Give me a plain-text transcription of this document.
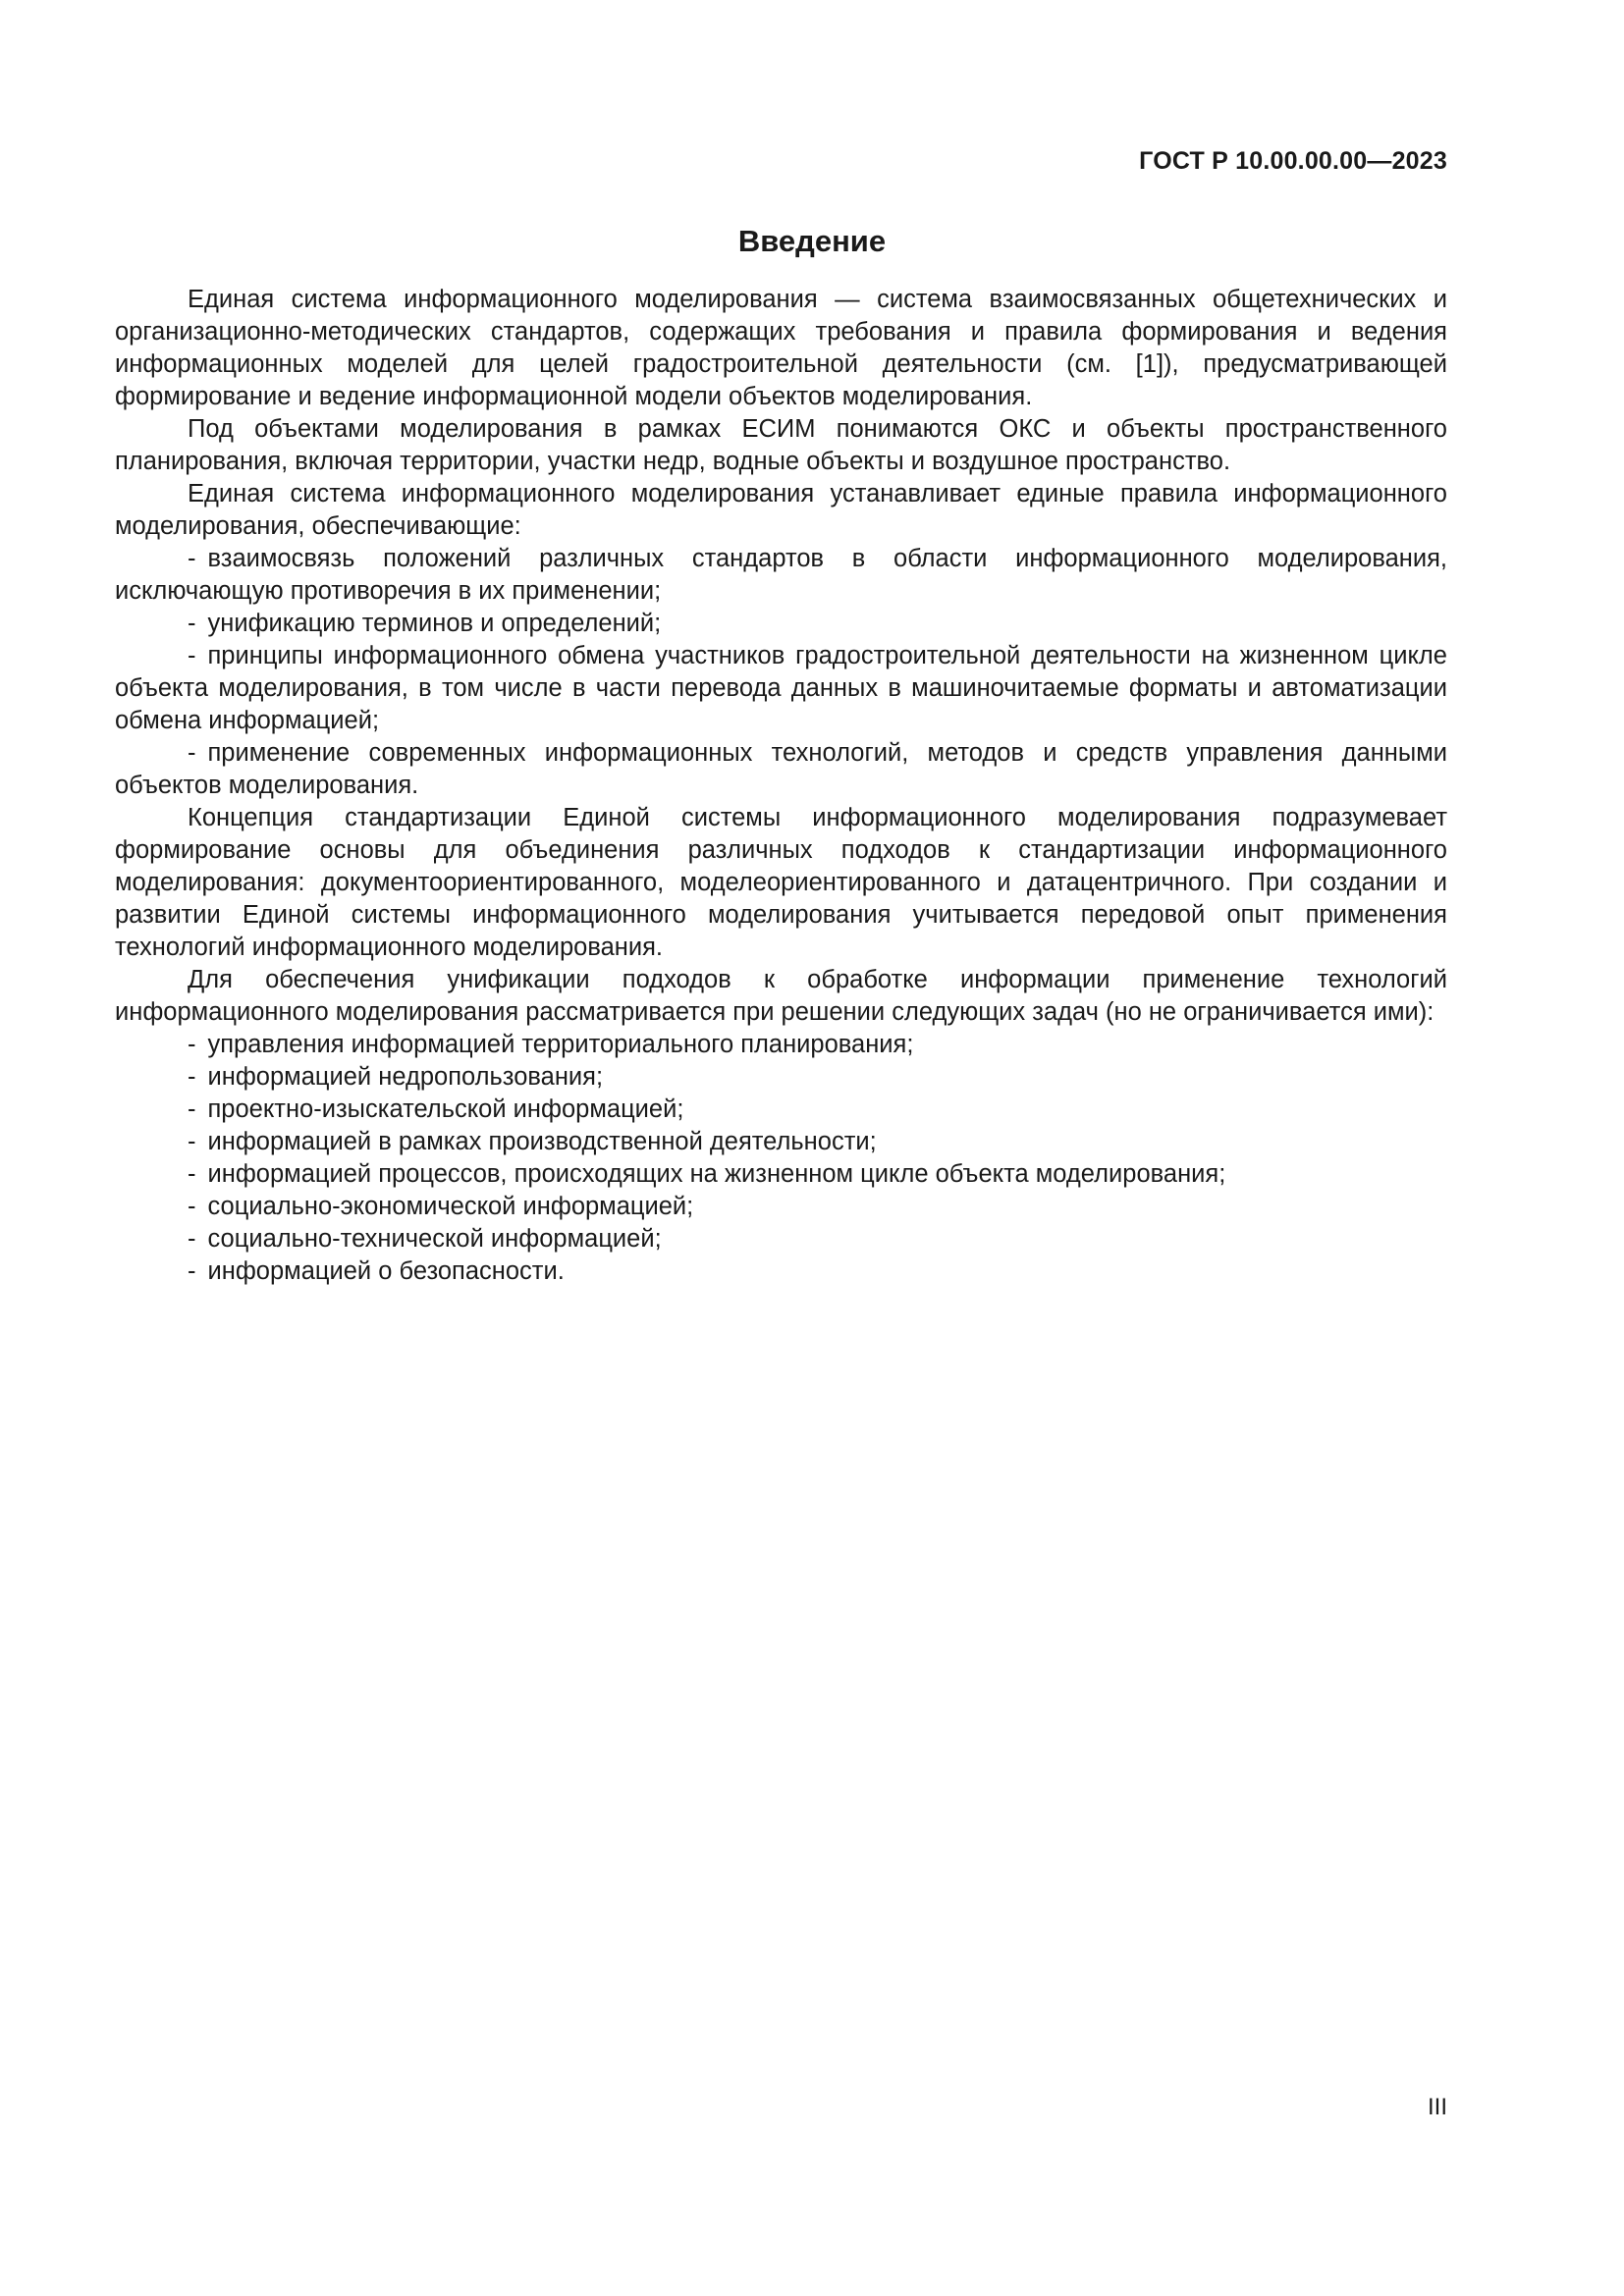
ГОСТ Р 10.00.00.00—2023
Введение

Единая система информационного моделирования — система взаимосвязанных общетехнических и организационно-методических стандартов, содержащих требования и правила формирования и ведения информационных моделей для целей градостроительной деятельности (см. [1]), предусматривающей формирование и ведение информационной модели объектов моделирования.

Под объектами моделирования в рамках ЕСИМ понимаются ОКС и объекты пространственного планирования, включая территории, участки недр, водные объекты и воздушное пространство.

Единая система информационного моделирования устанавливает единые правила информационного моделирования, обеспечивающие:

- взаимосвязь положений различных стандартов в области информационного моделирования, исключающую противоречия в их применении;
- унификацию терминов и определений;
- принципы информационного обмена участников градостроительной деятельности на жизненном цикле объекта моделирования, в том числе в части перевода данных в машиночитаемые форматы и автоматизации обмена информацией;
- применение современных информационных технологий, методов и средств управления данными объектов моделирования.

Концепция стандартизации Единой системы информационного моделирования подразумевает формирование основы для объединения различных подходов к стандартизации информационного моделирования: документоориентированного, моделеориентированного и датацентричного. При создании и развитии Единой системы информационного моделирования учитывается передовой опыт применения технологий информационного моделирования.

Для обеспечения унификации подходов к обработке информации применение технологий информационного моделирования рассматривается при решении следующих задач (но не ограничивается ими):

- управления информацией территориального планирования;
- информацией недропользования;
- проектно-изыскательской информацией;
- информацией в рамках производственной деятельности;
- информацией процессов, происходящих на жизненном цикле объекта моделирования;
- социально-экономической информацией;
- социально-технической информацией;
- информацией о безопасности.
III
